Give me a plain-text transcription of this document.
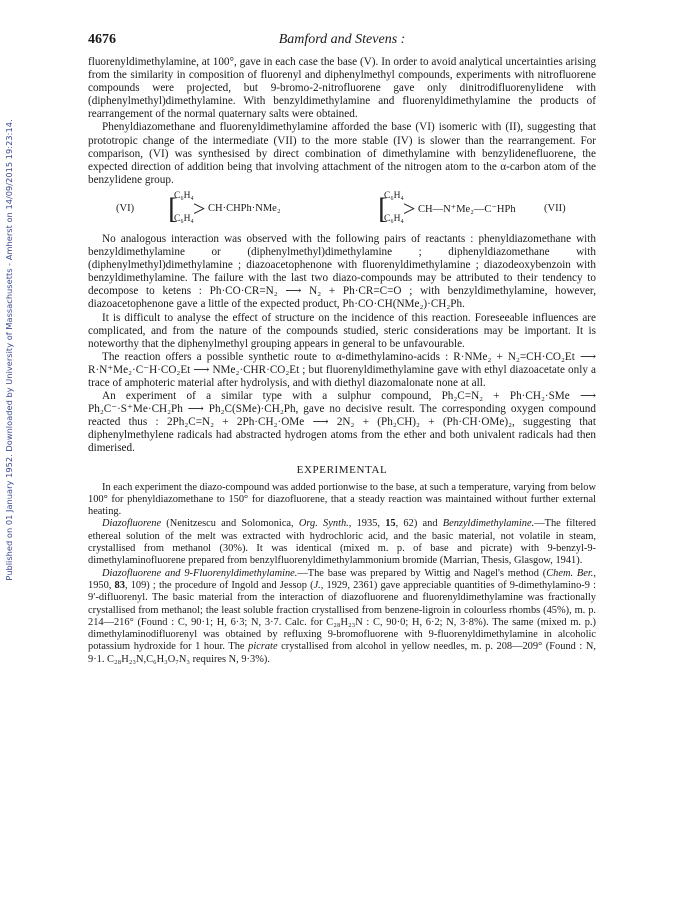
Published on 01 January 1952. Downloaded by University of Massachusetts - Amherst on 14/09/2015 19:23:14.
4676	Bamford and Stevens :

fluorenyldimethylamine, at 100°, gave in each case the base (V). In order to avoid analytical uncertainties arising from the similarity in composition of fluorenyl and diphenylmethyl compounds, experiments with nitrofluorene compounds were projected, but 9-bromo-2-nitrofluorene gave only dinitrodifluorenylidene with (diphenylmethyl)dimethylamine. With benzyldimethylamine and fluorenyldimethylamine the products of rearrangement of the normal quaternary salts were obtained.

Phenyldiazomethane and fluorenyldimethylamine afforded the base (VI) isomeric with (II), suggesting that prototropic change of the intermediate (VII) to the more stable (IV) is slower than the rearrangement. For comparison, (VI) was synthesised by direct combination of dimethylamine with benzylidenefluorene, the expected direction of addition being that involving attachment of the nitrogen atom to the α-carbon atom of the benzylidene group.

(VI)
C₆H₄
C₆H₄
[ > CH·CHPh·NMe₂
C₆H₄
C₆H₄
[ > CH—N⁺Me₂—C⁻HPh	(VII)

No analogous interaction was observed with the following pairs of reactants : phenyldiazomethane with benzyldimethylamine or (diphenylmethyl)dimethylamine ; diphenyldiazomethane with (diphenylmethyl)dimethylamine ; diazoacetophenone with fluorenyldimethylamine ; diazodeoxybenzoin with benzyldimethylamine. The failure with the last two diazo-compounds may be attributed to their tendency to decompose to ketens : Ph·CO·CR=N₂ ⟶ N₂ + Ph·CR=C=O ; with benzyldimethylamine, however, diazoacetophenone gave a little of the expected product, Ph·CO·CH(NMe₂)·CH₂Ph.

It is difficult to analyse the effect of structure on the incidence of this reaction. Foreseeable influences are complicated, and from the nature of the compounds studied, steric considerations may be important. It is noteworthy that the diphenylmethyl grouping appears in general to be unfavourable.

The reaction offers a possible synthetic route to α-dimethylamino-acids : R·NMe₂ + N₂=CH·CO₂Et ⟶ R·N⁺Me₂·C⁻H·CO₂Et ⟶ NMe₂·CHR·CO₂Et ; but fluorenyldimethylamine gave with ethyl diazoacetate only a trace of amphoteric material after hydrolysis, and with diethyl diazomalonate none at all.

An experiment of a similar type with a sulphur compound, Ph₂C=N₂ + Ph·CH₂·SMe ⟶ Ph₂C⁻·S⁺Me·CH₂Ph ⟶ Ph₂C(SMe)·CH₂Ph, gave no decisive result. The corresponding oxygen compound reacted thus : 2Ph₂C=N₂ + 2Ph·CH₂·OMe ⟶ 2N₂ + (Ph₂CH)₂ + (Ph·CH·OMe)₂, suggesting that diphenylmethylene radicals had abstracted hydrogen atoms from the ether and both univalent radicals had then dimerised.

EXPERIMENTAL

In each experiment the diazo-compound was added portionwise to the base, at such a temperature, varying from below 100° for phenyldiazomethane to 150° for diazofluorene, that a steady reaction was maintained without further external heating.

Diazofluorene (Nenitzescu and Solomonica, Org. Synth., 1935, 15, 62) and Benzyldimethylamine.—The filtered ethereal solution of the melt was extracted with hydrochloric acid, and the basic material, not volatile in steam, crystallised from methanol (30%). It was identical (mixed m. p. of base and picrate) with 9-benzyl-9-dimethylaminofluorene prepared from benzylfluorenyldimethylammonium bromide (Marrian, Thesis, Glasgow, 1941).

Diazofluorene and 9-Fluorenyldimethylamine.—The base was prepared by Wittig and Nagel's method (Chem. Ber., 1950, 83, 109) ; the procedure of Ingold and Jessop (J., 1929, 2361) gave appreciable quantities of 9-dimethylamino-9 : 9′-difluorenyl. The basic material from the interaction of diazofluorene and fluorenyldimethylamine was fractionally crystallised from methanol; the least soluble fraction crystallised from benzene-ligroin in colourless rhombs (45%), m. p. 214—216° (Found : C, 90·1; H, 6·3; N, 3·7. Calc. for C₂₈H₂₃N : C, 90·0; H, 6·2; N, 3·8%). The same (mixed m. p.) dimethylaminodifluorenyl was obtained by refluxing 9-bromofluorene with 9-fluorenyldimethylamine in alcoholic potassium hydroxide for 1 hour. The picrate crystallised from alcohol in yellow needles, m. p. 208—209° (Found : N, 9·1. C₂₈H₂₃N,C₆H₃O₇N₃ requires N, 9·3%).
